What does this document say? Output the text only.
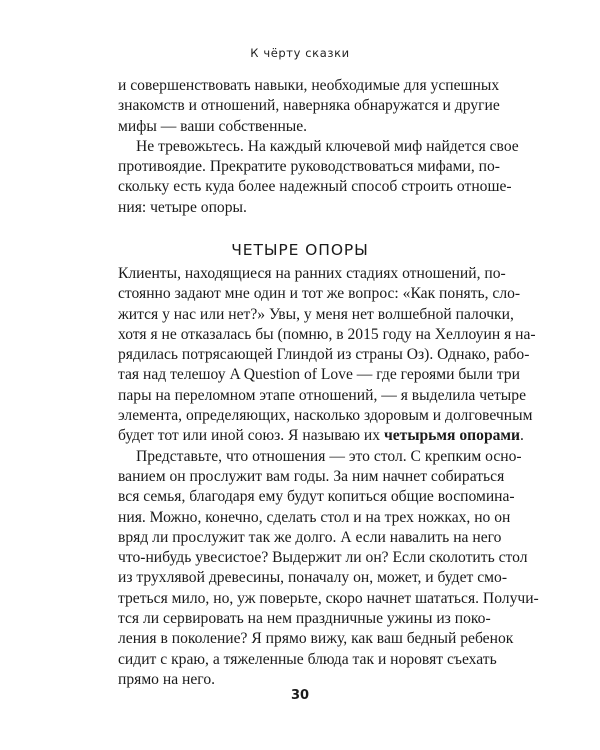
К чёрту сказки
и совершенствовать навыки, необходимые для успешных
знакомств и отношений, наверняка обнаружатся и другие
мифы — ваши собственные.
Не тревожьтесь. На каждый ключевой миф найдется свое
противоядие. Прекратите руководствоваться мифами, по-
скольку есть куда более надежный способ строить отноше-
ния: четыре опоры.
ЧЕТЫРЕ ОПОРЫ
Клиенты, находящиеся на ранних стадиях отношений, по-
стоянно задают мне один и тот же вопрос: «Как понять, сло-
жится у нас или нет?» Увы, у меня нет волшебной палочки,
хотя я не отказалась бы (помню, в 2015 году на Хеллоуин я на-
рядилась потрясающей Глиндой из страны Оз). Однако, рабо-
тая над телешоу A Question of Love — где героями были три
пары на переломном этапе отношений, — я выделила четыре
элемента, определяющих, насколько здоровым и долговечным
будет тот или иной союз. Я называю их четырьмя опорами.
Представьте, что отношения — это стол. С крепким осно-
ванием он прослужит вам годы. За ним начнет собираться
вся семья, благодаря ему будут копиться общие воспомина-
ния. Можно, конечно, сделать стол и на трех ножках, но он
вряд ли прослужит так же долго. А если навалить на него
что-нибудь увесистое? Выдержит ли он? Если сколотить стол
из трухлявой древесины, поначалу он, может, и будет смо-
треться мило, но, уж поверьте, скоро начнет шататься. Получи-
тся ли сервировать на нем праздничные ужины из поко-
ления в поколение? Я прямо вижу, как ваш бедный ребенок
сидит с краю, а тяжеленные блюда так и норовят съехать
прямо на него.
30
